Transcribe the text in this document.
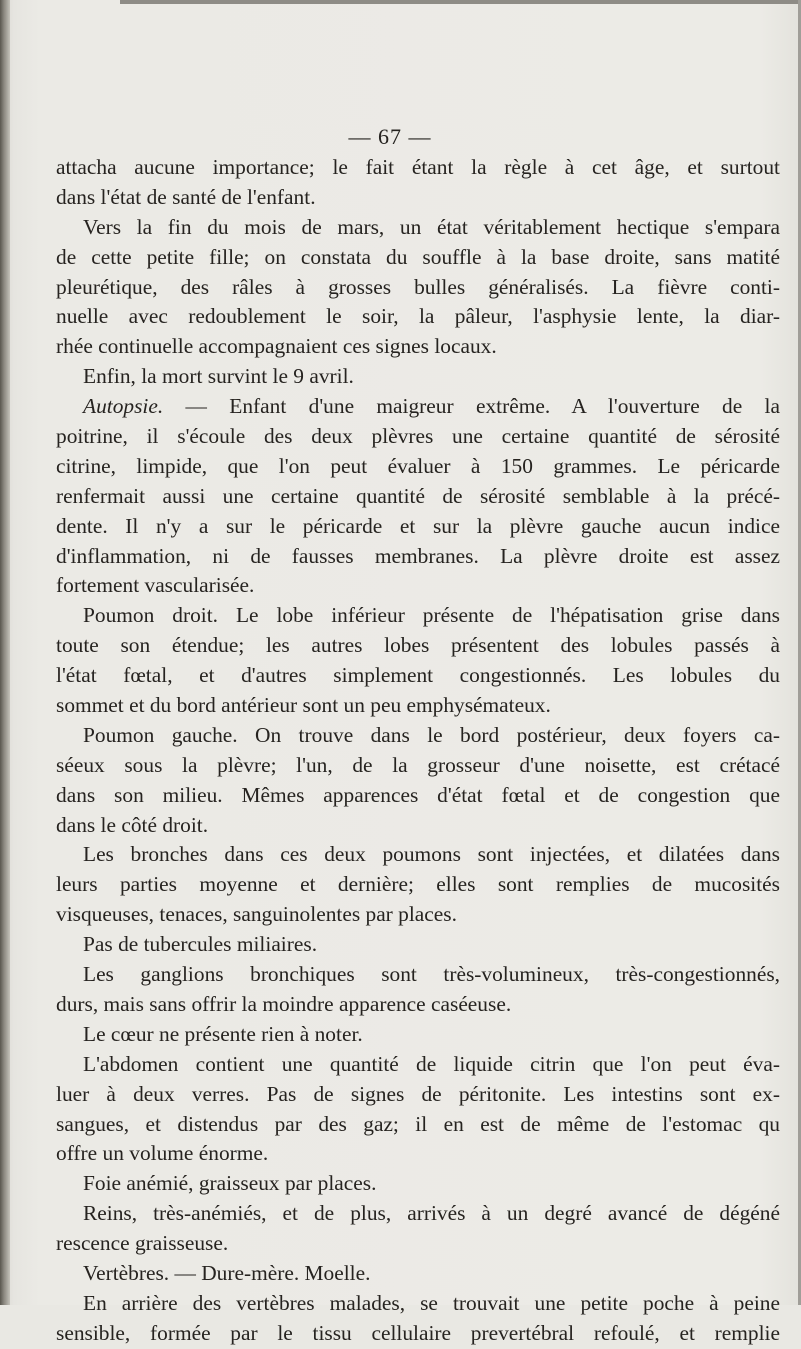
— 67 —
attacha aucune importance; le fait étant la règle à cet âge, et surtout
dans l'état de santé de l'enfant.
Vers la fin du mois de mars, un état véritablement hectique s'empara
de cette petite fille; on constata du souffle à la base droite, sans matité
pleurétique, des râles à grosses bulles généralisés. La fièvre conti-
nuelle avec redoublement le soir, la pâleur, l'asphysie lente, la diar-
rhée continuelle accompagnaient ces signes locaux.
Enfin, la mort survint le 9 avril.
Autopsie. — Enfant d'une maigreur extrême. A l'ouverture de la
poitrine, il s'écoule des deux plèvres une certaine quantité de sérosité
citrine, limpide, que l'on peut évaluer à 150 grammes. Le péricarde
renfermait aussi une certaine quantité de sérosité semblable à la précé-
dente. Il n'y a sur le péricarde et sur la plèvre gauche aucun indice
d'inflammation, ni de fausses membranes. La plèvre droite est assez
fortement vascularisée.
Poumon droit. Le lobe inférieur présente de l'hépatisation grise dans
toute son étendue; les autres lobes présentent des lobules passés à
l'état fœtal, et d'autres simplement congestionnés. Les lobules du
sommet et du bord antérieur sont un peu emphysémateux.
Poumon gauche. On trouve dans le bord postérieur, deux foyers ca-
séeux sous la plèvre; l'un, de la grosseur d'une noisette, est crétacé
dans son milieu. Mêmes apparences d'état fœtal et de congestion que
dans le côté droit.
Les bronches dans ces deux poumons sont injectées, et dilatées dans
leurs parties moyenne et dernière; elles sont remplies de mucosités
visqueuses, tenaces, sanguinolentes par places.
Pas de tubercules miliaires.
Les ganglions bronchiques sont très-volumineux, très-congestionnés,
durs, mais sans offrir la moindre apparence caséeuse.
Le cœur ne présente rien à noter.
L'abdomen contient une quantité de liquide citrin que l'on peut éva-
luer à deux verres. Pas de signes de péritonite. Les intestins sont ex-
sangues, et distendus par des gaz; il en est de même de l'estomac qu
offre un volume énorme.
Foie anémié, graisseux par places.
Reins, très-anémiés, et de plus, arrivés à un degré avancé de dégéné
rescence graisseuse.
Vertèbres. — Dure-mère. Moelle.
En arrière des vertèbres malades, se trouvait une petite poche à peine
sensible, formée par le tissu cellulaire prevertébral refoulé, et remplie
